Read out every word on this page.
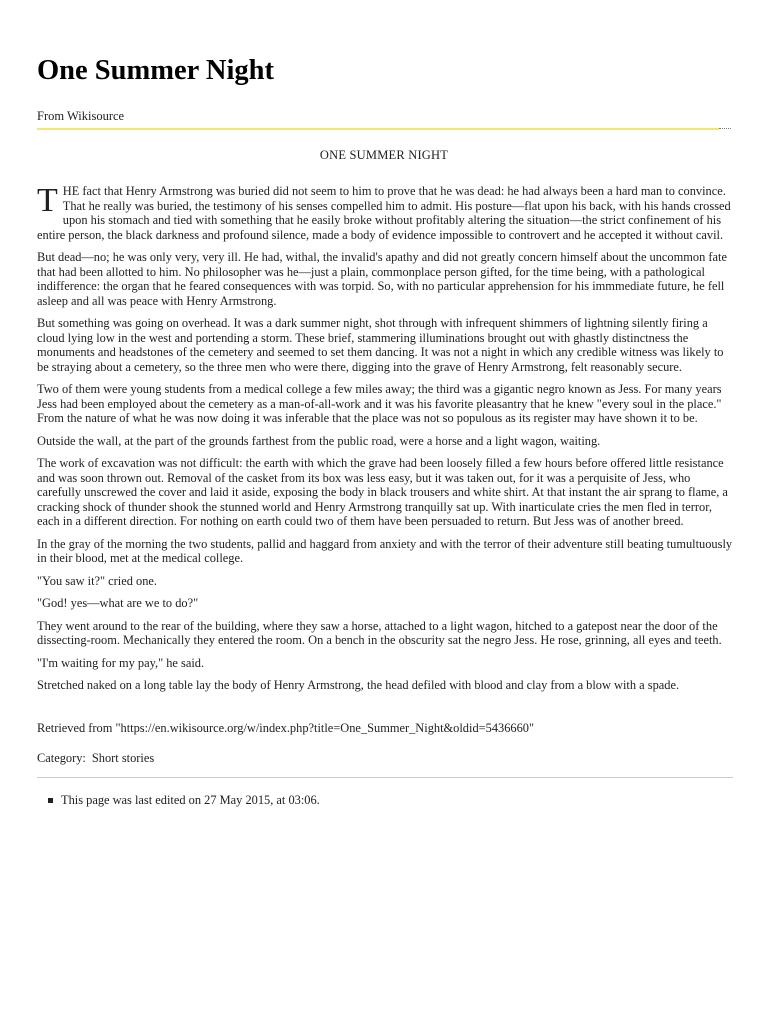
One Summer Night
From Wikisource
ONE SUMMER NIGHT

THE fact that Henry Armstrong was buried did not seem to him to prove that he was dead: he had always been a hard man to convince. That he really was buried, the testimony of his senses compelled him to admit. His posture—flat upon his back, with his hands crossed upon his stomach and tied with something that he easily broke without profitably altering the situation—the strict confinement of his entire person, the black darkness and profound silence, made a body of evidence impossible to controvert and he accepted it without cavil.

But dead—no; he was only very, very ill. He had, withal, the invalid's apathy and did not greatly concern himself about the uncommon fate that had been allotted to him. No philosopher was he—just a plain, commonplace person gifted, for the time being, with a pathological indifference: the organ that he feared consequences with was torpid. So, with no particular apprehension for his immmediate future, he fell asleep and all was peace with Henry Armstrong.

But something was going on overhead. It was a dark summer night, shot through with infrequent shimmers of lightning silently firing a cloud lying low in the west and portending a storm. These brief, stammering illuminations brought out with ghastly distinctness the monuments and headstones of the cemetery and seemed to set them dancing. It was not a night in which any credible witness was likely to be straying about a cemetery, so the three men who were there, digging into the grave of Henry Armstrong, felt reasonably secure.

Two of them were young students from a medical college a few miles away; the third was a gigantic negro known as Jess. For many years Jess had been employed about the cemetery as a man-of-all-work and it was his favorite pleasantry that he knew "every soul in the place." From the nature of what he was now doing it was inferable that the place was not so populous as its register may have shown it to be.

Outside the wall, at the part of the grounds farthest from the public road, were a horse and a light wagon, waiting.

The work of excavation was not difficult: the earth with which the grave had been loosely filled a few hours before offered little resistance and was soon thrown out. Removal of the casket from its box was less easy, but it was taken out, for it was a perquisite of Jess, who carefully unscrewed the cover and laid it aside, exposing the body in black trousers and white shirt. At that instant the air sprang to flame, a cracking shock of thunder shook the stunned world and Henry Armstrong tranquilly sat up. With inarticulate cries the men fled in terror, each in a different direction. For nothing on earth could two of them have been persuaded to return. But Jess was of another breed.

In the gray of the morning the two students, pallid and haggard from anxiety and with the terror of their adventure still beating tumultuously in their blood, met at the medical college.

"You saw it?" cried one.

"God! yes—what are we to do?"

They went around to the rear of the building, where they saw a horse, attached to a light wagon, hitched to a gatepost near the door of the dissecting-room. Mechanically they entered the room. On a bench in the obscurity sat the negro Jess. He rose, grinning, all eyes and teeth.

"I'm waiting for my pay," he said.

Stretched naked on a long table lay the body of Henry Armstrong, the head defiled with blood and clay from a blow with a spade.

Retrieved from "https://en.wikisource.org/w/index.php?title=One_Summer_Night&oldid=5436660"
Category: Short stories
This page was last edited on 27 May 2015, at 03:06.
